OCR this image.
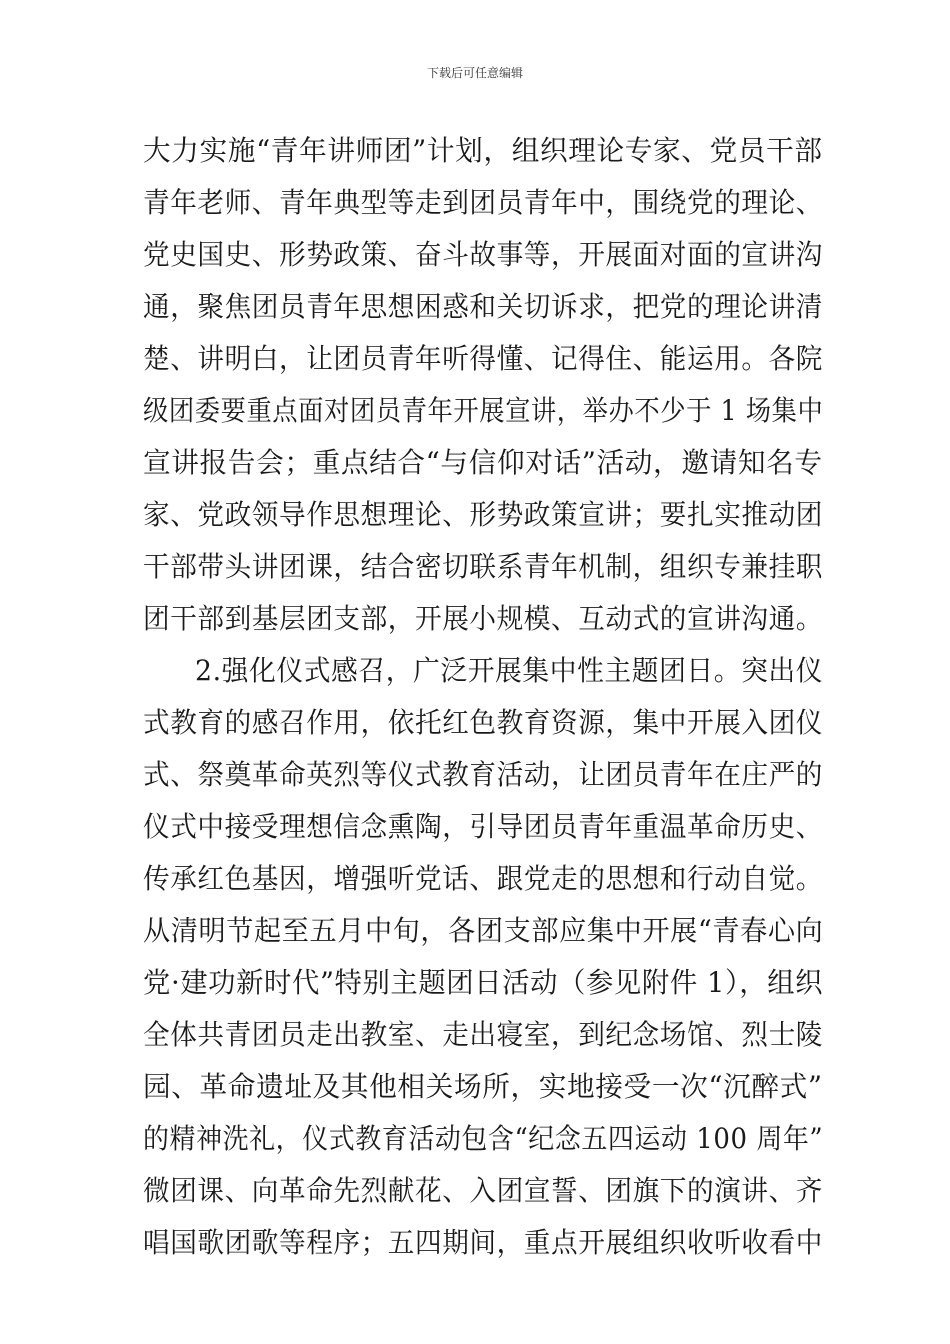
下载后可任意编辑
大力实施“青年讲师团”计划，组织理论专家、党员干部
青年老师、青年典型等走到团员青年中，围绕党的理论、
党史国史、形势政策、奋斗故事等，开展面对面的宣讲沟
通，聚焦团员青年思想困惑和关切诉求，把党的理论讲清
楚、讲明白，让团员青年听得懂、记得住、能运用。各院
级团委要重点面对团员青年开展宣讲，举办不少于 1 场集中
宣讲报告会；重点结合“与信仰对话”活动，邀请知名专
家、党政领导作思想理论、形势政策宣讲；要扎实推动团
干部带头讲团课，结合密切联系青年机制，组织专兼挂职
团干部到基层团支部，开展小规模、互动式的宣讲沟通。
2.强化仪式感召，广泛开展集中性主题团日。突出仪
式教育的感召作用，依托红色教育资源，集中开展入团仪
式、祭奠革命英烈等仪式教育活动，让团员青年在庄严的
仪式中接受理想信念熏陶，引导团员青年重温革命历史、
传承红色基因，增强听党话、跟党走的思想和行动自觉。
从清明节起至五月中旬，各团支部应集中开展“青春心向
党·建功新时代”特别主题团日活动（参见附件 1），组织
全体共青团员走出教室、走出寝室，到纪念场馆、烈士陵
园、革命遗址及其他相关场所，实地接受一次“沉醉式”
的精神洗礼，仪式教育活动包含“纪念五四运动 100 周年”
微团课、向革命先烈献花、入团宣誓、团旗下的演讲、齐
唱国歌团歌等程序；五四期间，重点开展组织收听收看中
